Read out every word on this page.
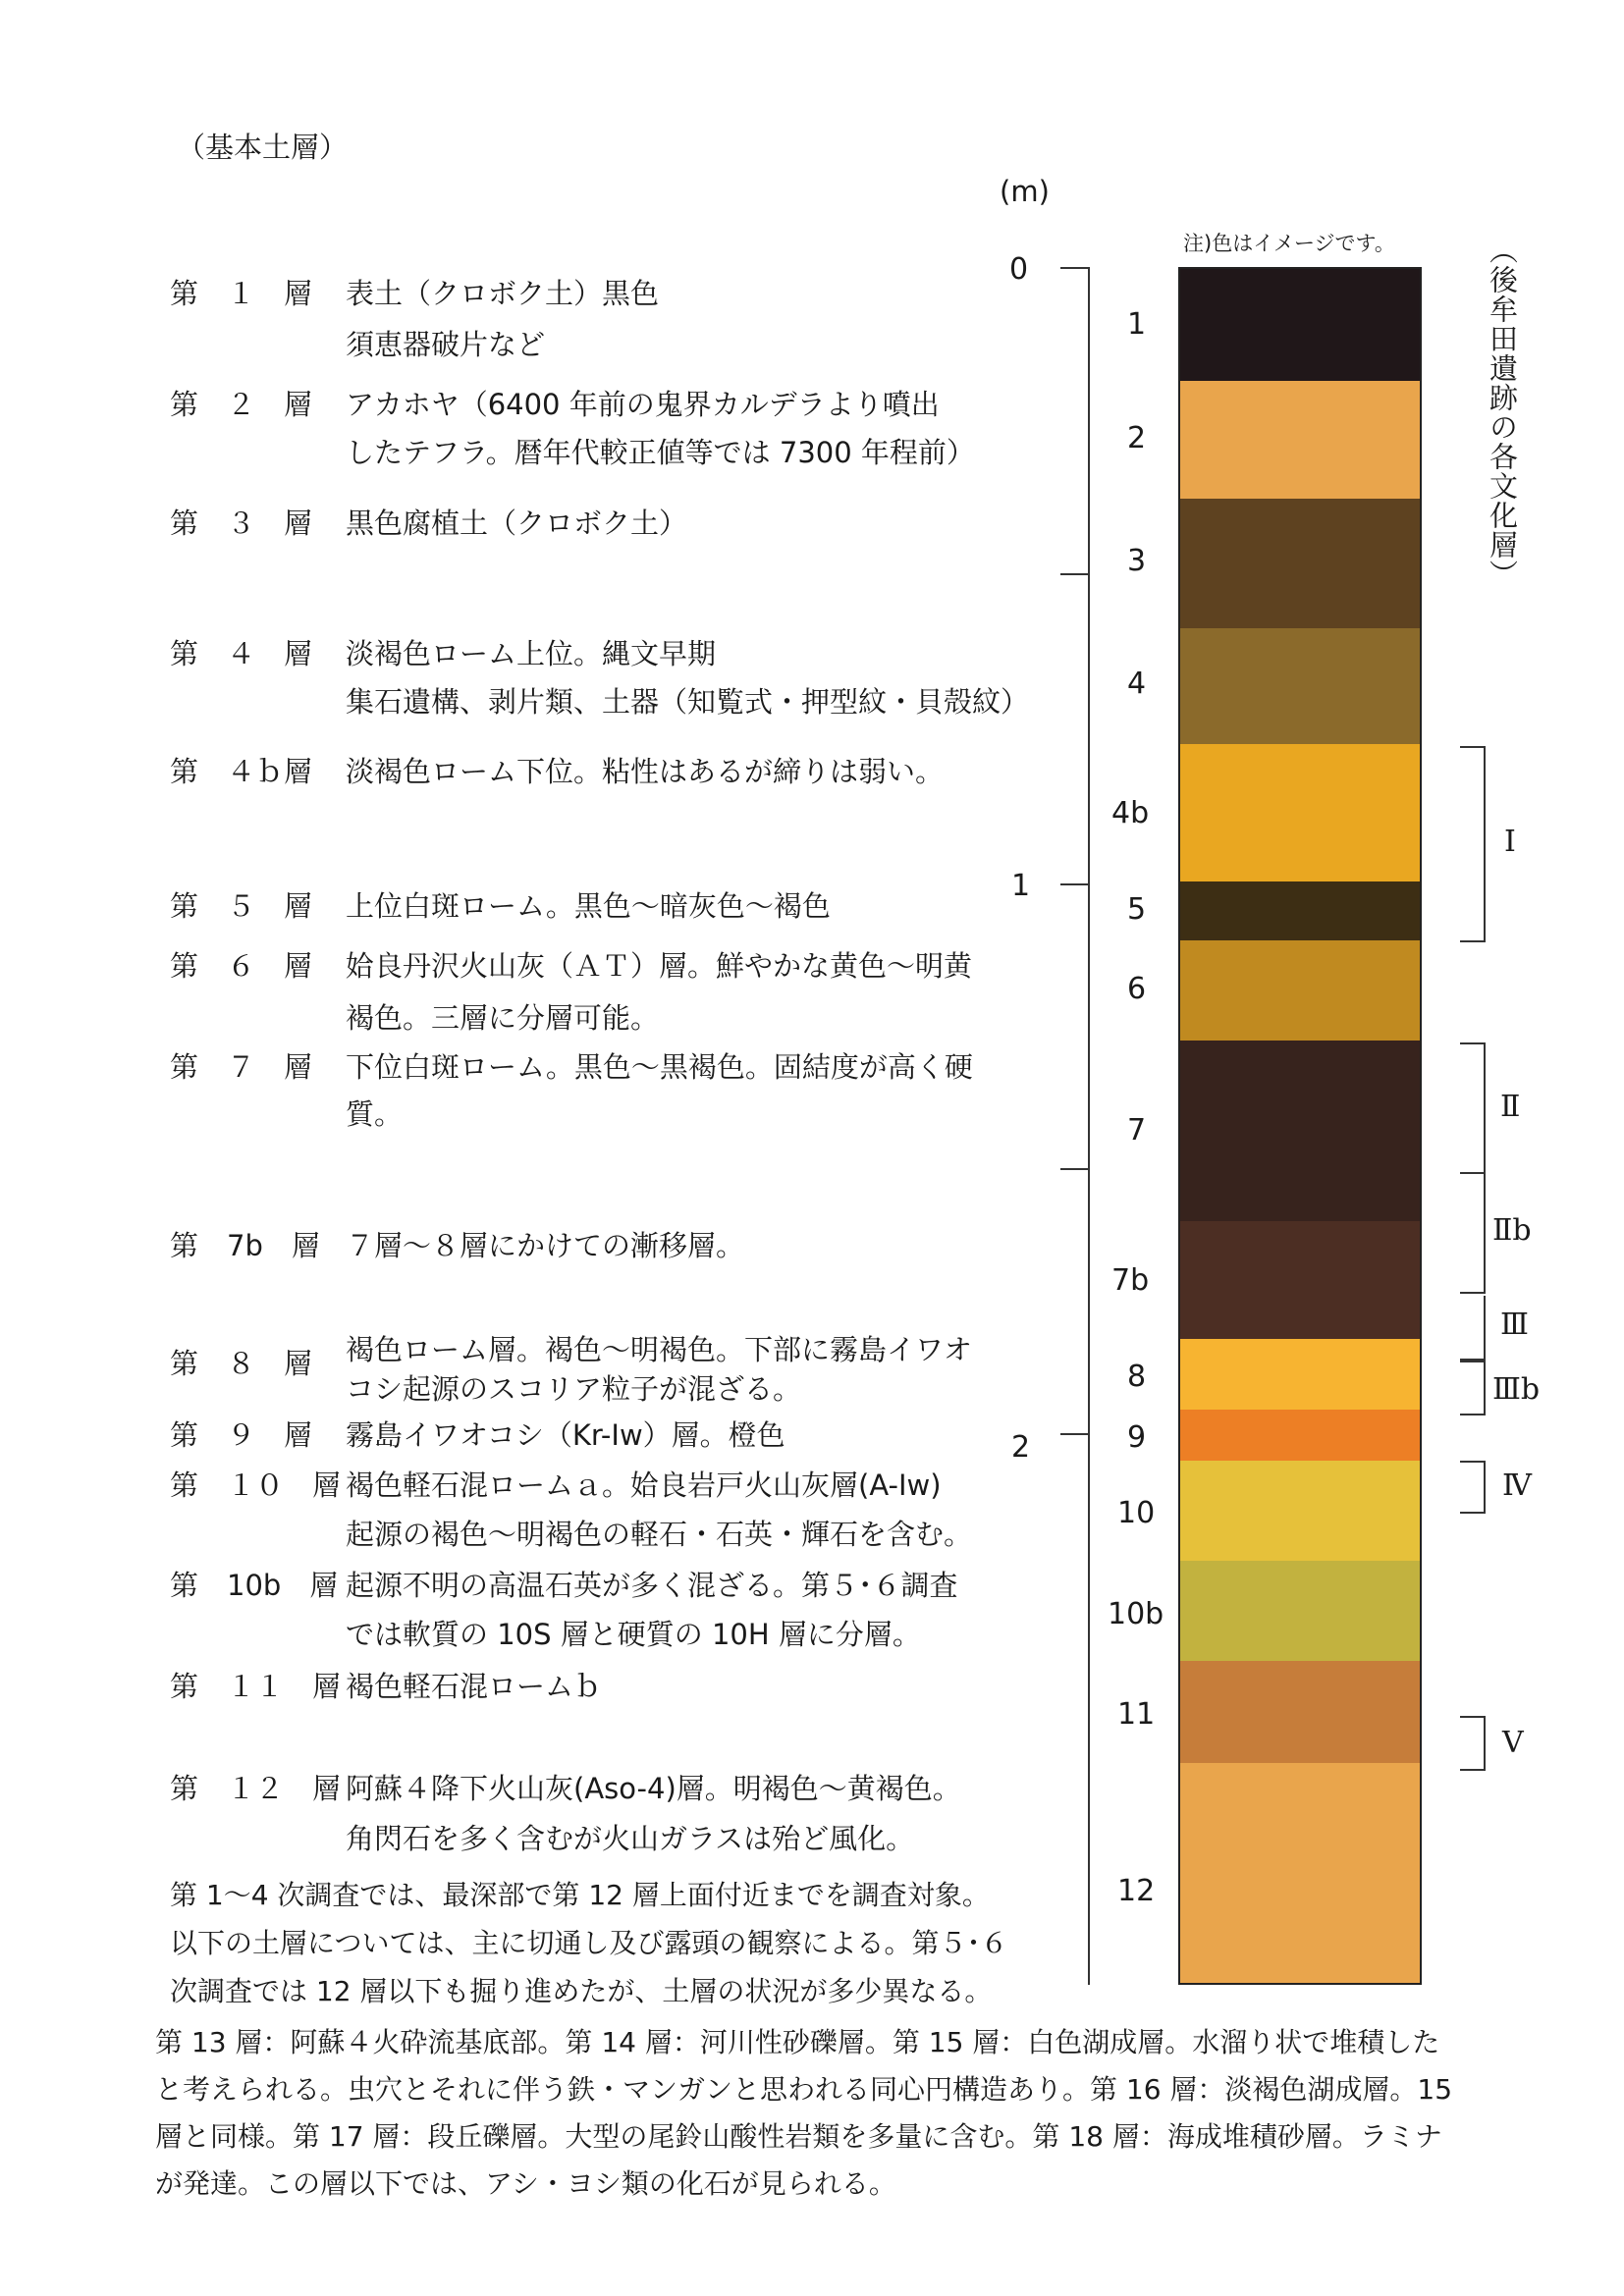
（基本土層）
(m)
注)色はイメージです。	（後牟田遺跡の各文化層）
第　１　層 表土（クロボク土）黒色
須恵器破片など
第　２　層 アカホヤ（6400 年前の鬼界カルデラより噴出
したテフラ。暦年代較正値等では 7300 年程前）
第　３　層 黒色腐植土（クロボク土）
第　４　層 淡褐色ローム上位。縄文早期
集石遺構、剥片類、土器（知覧式・押型紋・貝殻紋）
第　４ｂ層 淡褐色ローム下位。粘性はあるが締りは弱い。
第　５　層 上位白斑ローム。黒色～暗灰色～褐色
第　６　層 姶良丹沢火山灰（ＡＴ）層。鮮やかな黄色～明黄
褐色。三層に分層可能。
第　７　層 下位白斑ローム。黒色～黒褐色。固結度が高く硬
質。
第　7b　層 ７層～８層にかけての漸移層。
第　８　層 褐色ローム層。褐色～明褐色。下部に霧島イワオ
コシ起源のスコリア粒子が混ざる。
第　９　層 霧島イワオコシ（Kr-Iw）層。橙色
第　１０　層 褐色軽石混ロームａ。姶良岩戸火山灰層(A-Iw)
起源の褐色～明褐色の軽石・石英・輝石を含む。
第　10b　層 起源不明の高温石英が多く混ざる。第５･６調査
では軟質の 10S 層と硬質の 10H 層に分層。
第　１１　層 褐色軽石混ロームｂ
第　１２　層 阿蘇４降下火山灰(Aso-4)層。明褐色～黄褐色。
角閃石を多く含むが火山ガラスは殆ど風化。
第 1～4 次調査では、最深部で第 12 層上面付近までを調査対象。
以下の土層については、主に切通し及び露頭の観察による。第５･６
次調査では 12 層以下も掘り進めたが、土層の状況が多少異なる。
第 13 層：阿蘇４火砕流基底部。第 14 層：河川性砂礫層。第 15 層：白色湖成層。水溜り状で堆積した
と考えられる。虫穴とそれに伴う鉄・マンガンと思われる同心円構造あり。第 16 層：淡褐色湖成層。15
層と同様。第 17 層：段丘礫層。大型の尾鈴山酸性岩類を多量に含む。第 18 層：海成堆積砂層。ラミナ
が発達。この層以下では、アシ・ヨシ類の化石が見られる。
0
1
2
1
2
3
4
4b
5
6
7
7b
8
9
10
10b
11
12
Ⅰ
Ⅱ
Ⅱb
Ⅲ
Ⅲb
Ⅳ
Ⅴ
